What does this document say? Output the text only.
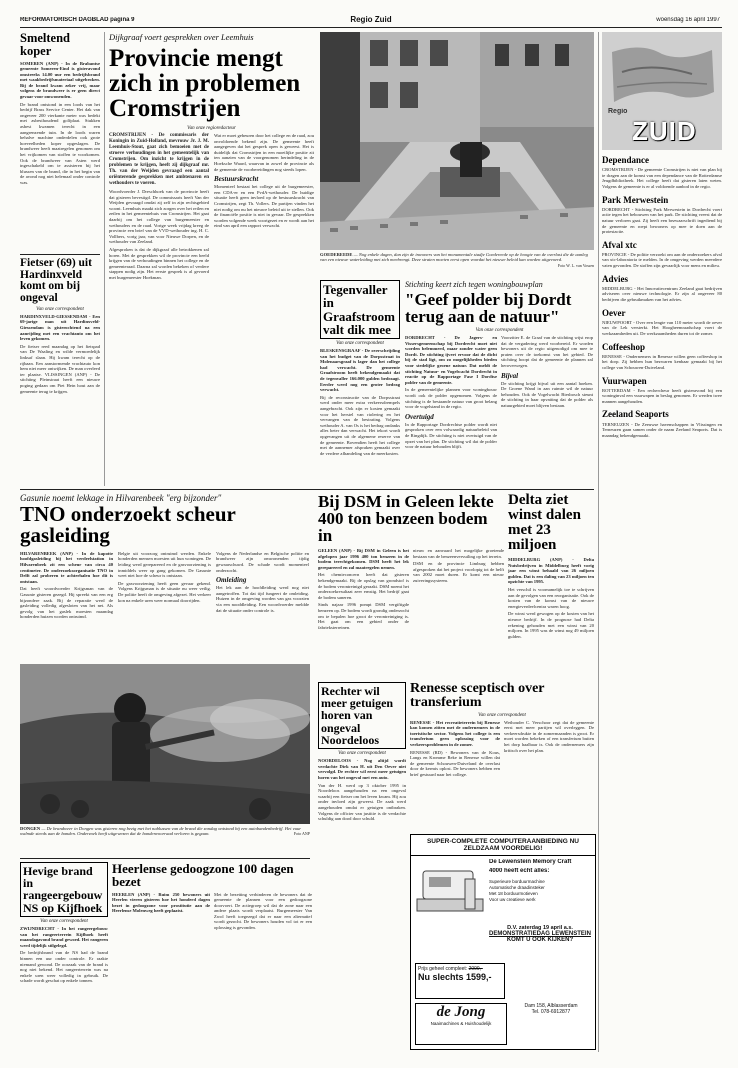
REFORMATORISCH DAGBLAD pagina 9	Regio Zuid	woensdag 16 april 1997
Smeltend koper
SOMEREN (ANP) - In de Brabantse gemeente Someren-Eind is gisteravond omstreeks 14.00 uur een bedrijfsbrand met waakbedrijfsmateriaal uitgebroken. Bij de brand kwam zeker vrij, maar volgens de brandweer is er geen direct gevaar voor omwonenden.
De brand ontstond in een loods van het bedrijf Brass Service Center. Het dak van ongeveer 200 vierkante meter was bedekt met asbesthoudend golfplaat. Stukken asbest kwamen terecht in een aangrenzende tuin. In de loods waren behalve machine onderdelen ook grote hoeveelheden koper opgeslagen. De brandweer heeft maatregelen genomen om het vrijkomen van stoffen te voorkomen. Ook de brandweer van Asten werd ingeschakeld om te assisteren bij het blussen van de brand, die in het begin van de avond nog niet helemaal onder controle was.
Fietser (69) uit Hardinxveld komt om bij ongeval
Van onze correspondent
HARDINXVELD-GIESSENDAM - Een 69-jarige man uit Hardinxveld-Giessendam is gisterochtend na een aanrijding met een vrachtauto om het leven gekomen.
De fietser reed maandag op het fietspad van De Waaling en wilde vermoedelijk linksaf slaan. Hij kwam terecht op de rijbaan. Een aanstormende vrachtauto kon hem niet meer ontwijken. De man overleed ter plaatse. VLISSINGEN (ANP) - De stichting Pleinstraat heeft een nieuwe poging gedaan om Piet Hein hout aan de gemeente terug te krijgen.
Dijkgraaf voert gesprekken over Leemhuis
Provincie mengt zich in problemen Cromstrijen
Van onze regioredacteur
CROMSTRIJEN - De commissaris der Koningin in Zuid-Holland, mevrouw Jr. J. M. Leemhuis-Stout, gaat zich bemoeien met de stroeve verhoudingen in het gemeentelijk van Cromstrijen. Om inzicht te krijgen in de problemen te krijgen, heeft zij dijkgraaf mr. Th. van der Weijden gevraagd een aantal oriënterende gesprekken met ambtenaren en wethouders te voeren.
Woordvoerder J. Dreschhoek van de provincie heeft dat gisteren bevestigd. De commissaris heeft Van der Weijden gevraagd omdat zij zelf in zijn rechtsgebied woont. Leemhuis maakt zich zorgen over het reilen en zeilen in het gemeentehuis van Cromstrijen. Het gaat daarbij om het college van burgemeester en wethouders en de raad. Vorige week vrijdag kreeg de provincie een brief van de VVD-wethouder ing. H. C. Vollbers, vorig jaar, van voor Nieuwe Dorpen, en de wethouder van Zeeland.
Afgesproken is dat de dijkgraaf alle betrokkenen zal horen. Met de gesprekken wil de provincie een beeld krijgen van de verhoudingen binnen het college en de gemeenteraad. Daarna zal worden bekeken of verdere stappen nodig zijn. Het eerste gesprek is al gevoerd met burgemeester Hoekman.
Wat er moet gebeuren door het college en de raad, zou onvoldoende bekend zijn. De gemeente heeft aangegeven dat het gesprek open is geweest. Het is duidelijk dat Cromstrijen in een moeilijke positie zit ten aanzien van de voorgenomen herindeling in de Hoeksche Waard, waarvan in zowel de provincie als de gemeente de voorbereidingen nog steeds lopen.
Bestuurskracht
Momenteel bestaat het college uit de burgemeester, een CDA-er en een PvdA-wethouder. De huidige situatie heeft geen invloed op de bestuurskracht van Cromstrijen, zegt Th. Vollers. De partijen vinden het niet nodig om nu het nieuwe beleid uit te stellen. Ook de financiële positie is niet in gevaar. De gesprekken worden volgende week voortgezet en er wordt aan het eind van april een rapport verwacht.
GOEDEREEDE — Nog enkele dagen, dan zijn de inwoners van het monumentale stadje Goedereede op de hoogte van de overlast die de aanleg van een nieuwe waterleiding met zich meebrengt. Deze straten moeten eerst open voordat het nieuwe beleid kan worden uitgevoerd.
Foto W. L. van Vossen
Tegenvaller in Graafstroom valt dik mee
Van onze correspondent
BLESKENSGRAAF - De overschrijding van het budget van de Dorpsstraat in Molenaarsgraaf is lager dan het college had verwacht. De gemeente Graafstroom heeft bekendgemaakt dat de tegenvaller 166.000 gulden bedraagt. Eerder werd nog een groter bedrag verwacht.
Bij de reconstructie van de Dorpsstraat werd onder meer extra verkeersdrempels aangebracht. Ook zijn er kosten gemaakt voor het herstel van riolering en het vervangen van de bestrating. Volgens wethouder A. van Os is het bedrag ondanks alles beter dan verwacht. Het tekort wordt opgevangen uit de algemene reserve van de gemeente. Bovendien heeft het college met de aannemer afspraken gemaakt over de verdere afhandeling van de meerkosten.
Stichting keert zich tegen woningbouwplan
"Geef polder bij Dordt terug aan de natuur"
Van onze correspondent
DORDRECHT - De Jagers- en Vissersgemeenschap bij Dordrecht moet niet worden belemmerd, maar zonder water geen Dordt. De stichting ijvert ervoor dat de dicht bij de stad ligt, om zo mogelijkheden bieden voor stedelijke groene natuur. Dat meldt de stichting Natuur- en Vogelwacht Dordrecht in reactie op de Rapportage Fase I Dordtse polder van de gemeente.
In de gemeentelijke plannen voor woningbouw wordt ook de polder opgenomen. Volgens de stichting is de bestaande natuur van groot belang voor de vogelstand in de regio.
Overtuigd
In de Rapportage Dordrechtse polder wordt niet gesproken over een volwaardig natuurbeleid van de Ringdijk. De stichting is niet overtuigd van de opzet van het plan. De stichting wil dat de polder voor de natuur behouden blijft.
Voorzitter E. de Graaf van de stichting wijst erop dat de vergadering werd voorbereid. Er worden bewoners uit de regio uitgenodigd om mee te praten over de toekomst van het gebied. De stichting hoopt dat de gemeente de plannen zal heroverwegen.
Bijval
De stichting krijgt bijval uit een aantal hoeken. De Groene Wand in aan ruimte wil de natuur behouden. Ook de Vogelwacht Biesbosch steunt de stichting in haar opvatting dat de polder als natuurgebied moet blijven bestaan.
Regio
ZUID
Dependance
CROMSTRIJEN - De gemeente Cromstrijen is niet van plan bij te dragen aan de komst van een dependance van de Rotterdamse Jeugdbibliotheek. Het college heeft dat gisteren laten weten. Volgens de gemeente is er al voldoende aanbod in de regio.
Park Merwestein
DORDRECHT - Stichting Park Merwestein in Dordrecht voert actie tegen het bebouwen van het park. De stichting vreest dat de natuur verloren gaat. Zij heeft een bezwaarschrift ingediend bij de gemeente en roept bewoners op mee te doen aan de protestactie.
Afval xtc
PROVINCIE - De politie verzoekt om aan de onderzoekers afval van xtc-laboratoria te melden. In de omgeving werden meerdere vaten gevonden. De stoffen zijn gevaarlijk voor mens en milieu.
Advies
MIDDELBURG - Het Innovatiecentrum Zeeland gaat bedrijven adviseren over nieuwe technologie. Er zijn al ongeveer 80 bedrijven die gebruikmaken van het advies.
Oever
NIEUWPOORT - Over een lengte van 110 meter wordt de oever van de Lek versterkt. Het Hoogheemraadschap voert de werkzaamheden uit. De werkzaamheden duren tot de zomer.
Coffeeshop
RENESSE - Ondernemers in Renesse willen geen coffeeshop in het dorp. Zij hebben hun bezwaren kenbaar gemaakt bij het college van Schouwen-Duiveland.
Vuurwapen
ROTTERDAM - Een rechercheur heeft gisteravond bij een woninginval een vuurwapen in beslag genomen. Er werden twee mannen aangehouden.
Zeeland Seaports
TERNEUZEN - De Zeeuwse havenschappen in Vlissingen en Terneuzen gaan samen onder de naam Zeeland Seaports. Dat is maandag bekendgemaakt.
Gasunie noemt lekkage in Hilvarenbeek "erg bijzonder"
TNO onderzoekt scheur gasleiding
HILVARENBEEK (ANP) - In de kapotte hoofdgasleiding bij het verdeelstation in Hilvarenbeek zit een scheur van circa 40 centimeter. De onderzoeksorganisatie TNO in Delft zal proberen te achterhalen hoe dit is ontstaan.
Dat heeft woordvoerder Krijgsman van de Gasunie gisteren gezegd. Hij spreekt van een erg bijzondere zaak. Bij de reparatie werd de gasleiding volledig afgesloten van het net. Als gevolg van het gaslek moesten maandag honderden huizen worden ontruimd.
Belgie uit voorzorg ontruimd werden. Enkele honderden mensen moesten uit hun woningen. De leiding werd gerepareerd en de gasvoorziening is inmiddels weer op gang gekomen. De Gasunie weet niet hoe de scheur is ontstaan.
De gasvoorziening heeft geen gevaar gekend. Volgens Krijgsman is de situatie nu weer veilig. De politie heeft de omgeving afgezet. Het verkeer kon na enkele uren weer normaal doorrijden.
Volgens de Nederlandse en Belgische politie en brandweer zijn omwonenden tijdig gewaarschuwd. De schade wordt momenteel onderzocht.
Omleiding
Het lek aan de hoofdleiding werd nog niet aangetroffen. Tot dat tijd fungeert de omleiding. Huizen in de omgeving worden van gas voorzien via een nooddleiding. Een woordvoerder meldde dat de situatie onder controle is.
DONGEN — De brandweer in Dongen was gisteren nog bezig met het nablussen van de brand die zondag ontstond bij een autobandenbedrijf. Het vuur walmde steeds aan de banden. Onderzoek heeft uitgewezen dat de bandenvoorraad verloren is gegaan.	Foto ANP
Bij DSM in Geleen lekte 400 ton benzeen bodem in
GELEEN (ANP) - Bij DSM in Geleen is het afgelopen jaar 1996 400 ton benzeen in de bodem terechtgekomen. DSM heeft het lek gerepareerd en zal maatregelen nemen.
Het chemieconcern heeft dat gisteren bekendgemaakt. Bij de opslag van grondstof is de bodem verontreinigd geraakt. DSM noemt het onderzoekresultaat zeer ernstig. Het bedrijf gaat de bodem saneren.
Sinds najaar 1996 pompt DSM vergiftigde benzeen op. De bodem wordt grondig onderzocht om te bepalen hoe groot de verontreiniging is. Het gaat om een gebied onder de fabrieksterreinen.
nieuw en aanvaard het mogelijke groeiende bestaan van de benzeenvervuiling op het terrein.
DSM en de provincie Limburg hebben afgesproken dat het project voorlopig tot de helft van 2002 moet duren. Er komt een nieuw zuiveringssysteem.
Delta ziet winst dalen met 23 miljoen
MIDDELBURG (ANP) - Delta Nutsbedrijven in Middelburg heeft vorig jaar een winst behaald van 26 miljoen gulden. Dat is een daling van 23 miljoen ten opzichte van 1995.
Het verschil is voornamelijk toe te schrijven aan de gevolgen van een reorganisatie. Ook de kosten van de komst van de nieuwe energieverdeelcentra waren hoog.
De winst werd gewogen op de kosten van het nieuwe bedrijf. In de prognose had Delta rekening gehouden met een winst van 20 miljoen. In 1995 was de winst nog 49 miljoen gulden.
Rechter wil meer getuigen horen van ongeval Noordeloos
Van onze correspondent
NOORDELOOS - Nog altijd wordt verdachte Dirk van H. uit Den Oever niet vervolgd. De rechter wil eerst meer getuigen horen van het ongeval met een auto.
Van der H. werd op 3 oktober 1995 in Noordeloos aangehouden na een ongeval waarbij een fietser om het leven kwam. Hij zou onder invloed zijn geweest. De zaak werd aangehouden omdat er getuigen ontbraken. Volgens de officier van justitie is de verdachte schuldig aan dood door schuld.
Renesse sceptisch over transferium
Van onze correspondent
RENESSE - Het recreatieterrein bij Renesse kan komen zitten met de ondernemers in de toeristische sector. Volgens het college is een transferium geen oplossing voor de verkeersproblemen in de zomer.
RENESSE (RD) - Bewoners van de Kous, Langs en Kromme Reke in Renesse willen dat de gemeente Schouwen-Duiveland de overlast door de kermis oplost. De bewoners hebben een brief gestuurd naar het college.
Wethouder C. Verschoor zegt dat de gemeente eerst met meer partijen wil overleggen. De verkeersdrukte in de zomermaanden is groot. Er moet worden bekeken of een transferium buiten het dorp haalbaar is. Ook de ondernemers zijn kritisch over het plan.
SUPER-COMPLETE COMPUTERAANBIEDING NU ZELDZAAM VOORDELIG!
De Lewenstein Memory Craft
4000 heeft echt alles:
Superieure borduurmachine
Automatische draadinsteker
Met 18 borduurmotieven
Voor uw creatieve werk
D.V. zaterdag 19 april a.s.
DEMONSTRATIEDAG LEWENSTEIN
KOMT U OOK KIJKEN?
Prijs geheel compleet: 2099,-
Nu slechts 1599,-
de Jong
Naaimachines & Huishoudelijk
Dam 158, Alblasserdam
Tel. 078-6912877
Hevige brand in rangeergebouw NS op Kijfhoek
Van onze correspondent
ZWIJNDRECHT - In het rangeergebouw van het rangeerterrein Kijfhoek heeft maandagavond brand gewoed. Het rangeren werd tijdelijk stilgelegd.
De bedrijfsbrand van de NS had de brand binnen een uur onder controle. Er raakte niemand gewond. De oorzaak van de brand is nog niet bekend. Het rangeerterrein was na enkele uren weer volledig in gebruik. De schade wordt geschat op enkele tonnen.
Heerlense gedoogzone 100 dagen bezet
HEERLEN (ANP) - Ruim 250 bewoners uit Heerlen vieren gisteren hoe het honderd dagen bezet in gedoogzone voor prostitutie aan de Heerlense Molenweg heeft geplaatst.
Met de bezetting verhinderen de bewoners dat de gemeente de plannen voor een gedoogzone doorvoert. De actiegroep wil dat de zone naar een andere plaats wordt verplaatst. Burgemeester Van Zwol heeft toegezegd dat er naar een alternatief wordt gezocht. De bewoners houden vol tot er een oplossing is gevonden.
